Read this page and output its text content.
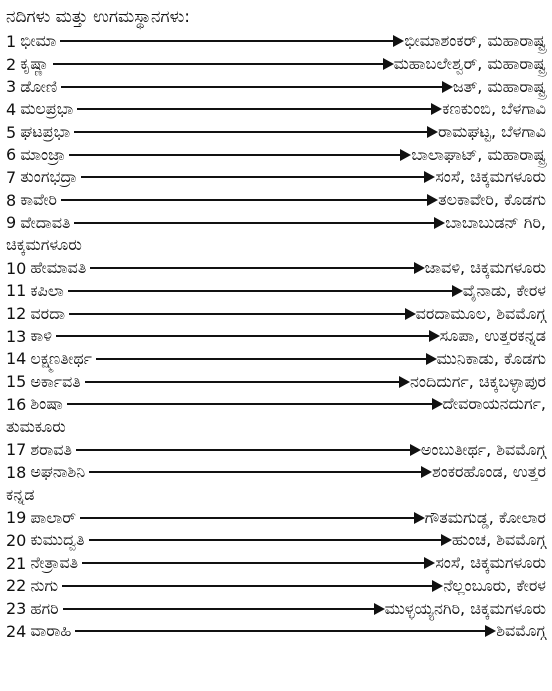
ನದಿಗಳು ಮತ್ತು ಉಗಮಸ್ಥಾನಗಳು:
1 ಭೀಮಾ	ಭೀಮಾಶಂಕರ್, ಮಹಾರಾಷ್ಟ್ರ
2 ಕೃಷ್ಣಾ	ಮಹಾಬಲೇಶ್ವರ್, ಮಹಾರಾಷ್ಟ್ರ
3 ಡೋಣಿ	ಜತ್, ಮಹಾರಾಷ್ಟ್ರ
4 ಮಲಪ್ರಭಾ	ಕಣಕುಂಬಿ, ಬೆಳಗಾವಿ
5 ಘಟಪ್ರಭಾ	ರಾಮಘಟ್ಟ, ಬೆಳಗಾವಿ
6 ಮಾಂಜ್ರಾ	ಬಾಲಾಘಾಟ್, ಮಹಾರಾಷ್ಟ್ರ
7 ತುಂಗಭದ್ರಾ	ಸಂಸೆ, ಚಿಕ್ಕಮಗಳೂರು
8 ಕಾವೇರಿ	ತಲಕಾವೇರಿ, ಕೊಡಗು
9 ವೇದಾವತಿ	ಬಾಬಾಬುಡನ್ ಗಿರಿ,
ಚಿಕ್ಕಮಗಳೂರು
10 ಹೇಮಾವತಿ	ಜಾವಳಿ, ಚಿಕ್ಕಮಗಳೂರು
11 ಕಪಿಲಾ	ವೈನಾಡು, ಕೇರಳ
12 ವರದಾ	ವರದಾಮೂಲ, ಶಿವಮೊಗ್ಗ
13 ಕಾಳಿ	ಸೂಪಾ, ಉತ್ತರಕನ್ನಡ
14 ಲಕ್ಷ್ಮಣತೀರ್ಥ	ಮುನಿಕಾಡು, ಕೊಡಗು
15 ಅರ್ಕಾವತಿ	ನಂದಿದುರ್ಗ, ಚಿಕ್ಕಬಳ್ಳಾಪುರ
16 ಶಿಂಷಾ	ದೇವರಾಯನದುರ್ಗ,
ತುಮಕೂರು
17 ಶರಾವತಿ	ಅಂಬುತೀರ್ಥ, ಶಿವಮೊಗ್ಗ
18 ಅಘನಾಶಿನಿ	ಶಂಕರಹೊಂಡ, ಉತ್ತರ
ಕನ್ನಡ
19 ಪಾಲಾರ್	ಗೌತಮಗುಡ್ಡ, ಕೋಲಾರ
20 ಕುಮುದ್ವತಿ	ಹುಂಚ, ಶಿವಮೊಗ್ಗ
21 ನೇತ್ರಾವತಿ	ಸಂಸೆ, ಚಿಕ್ಕಮಗಳೂರು
22 ನುಗು	ನೆಲ್ಲಂಬೂರು, ಕೇರಳ
23 ಹಗರಿ	ಮುಳ್ಳಯ್ಯನಗಿರಿ, ಚಿಕ್ಕಮಗಳೂರು
24 ವಾರಾಹಿ	ಶಿವಮೊಗ್ಗ
